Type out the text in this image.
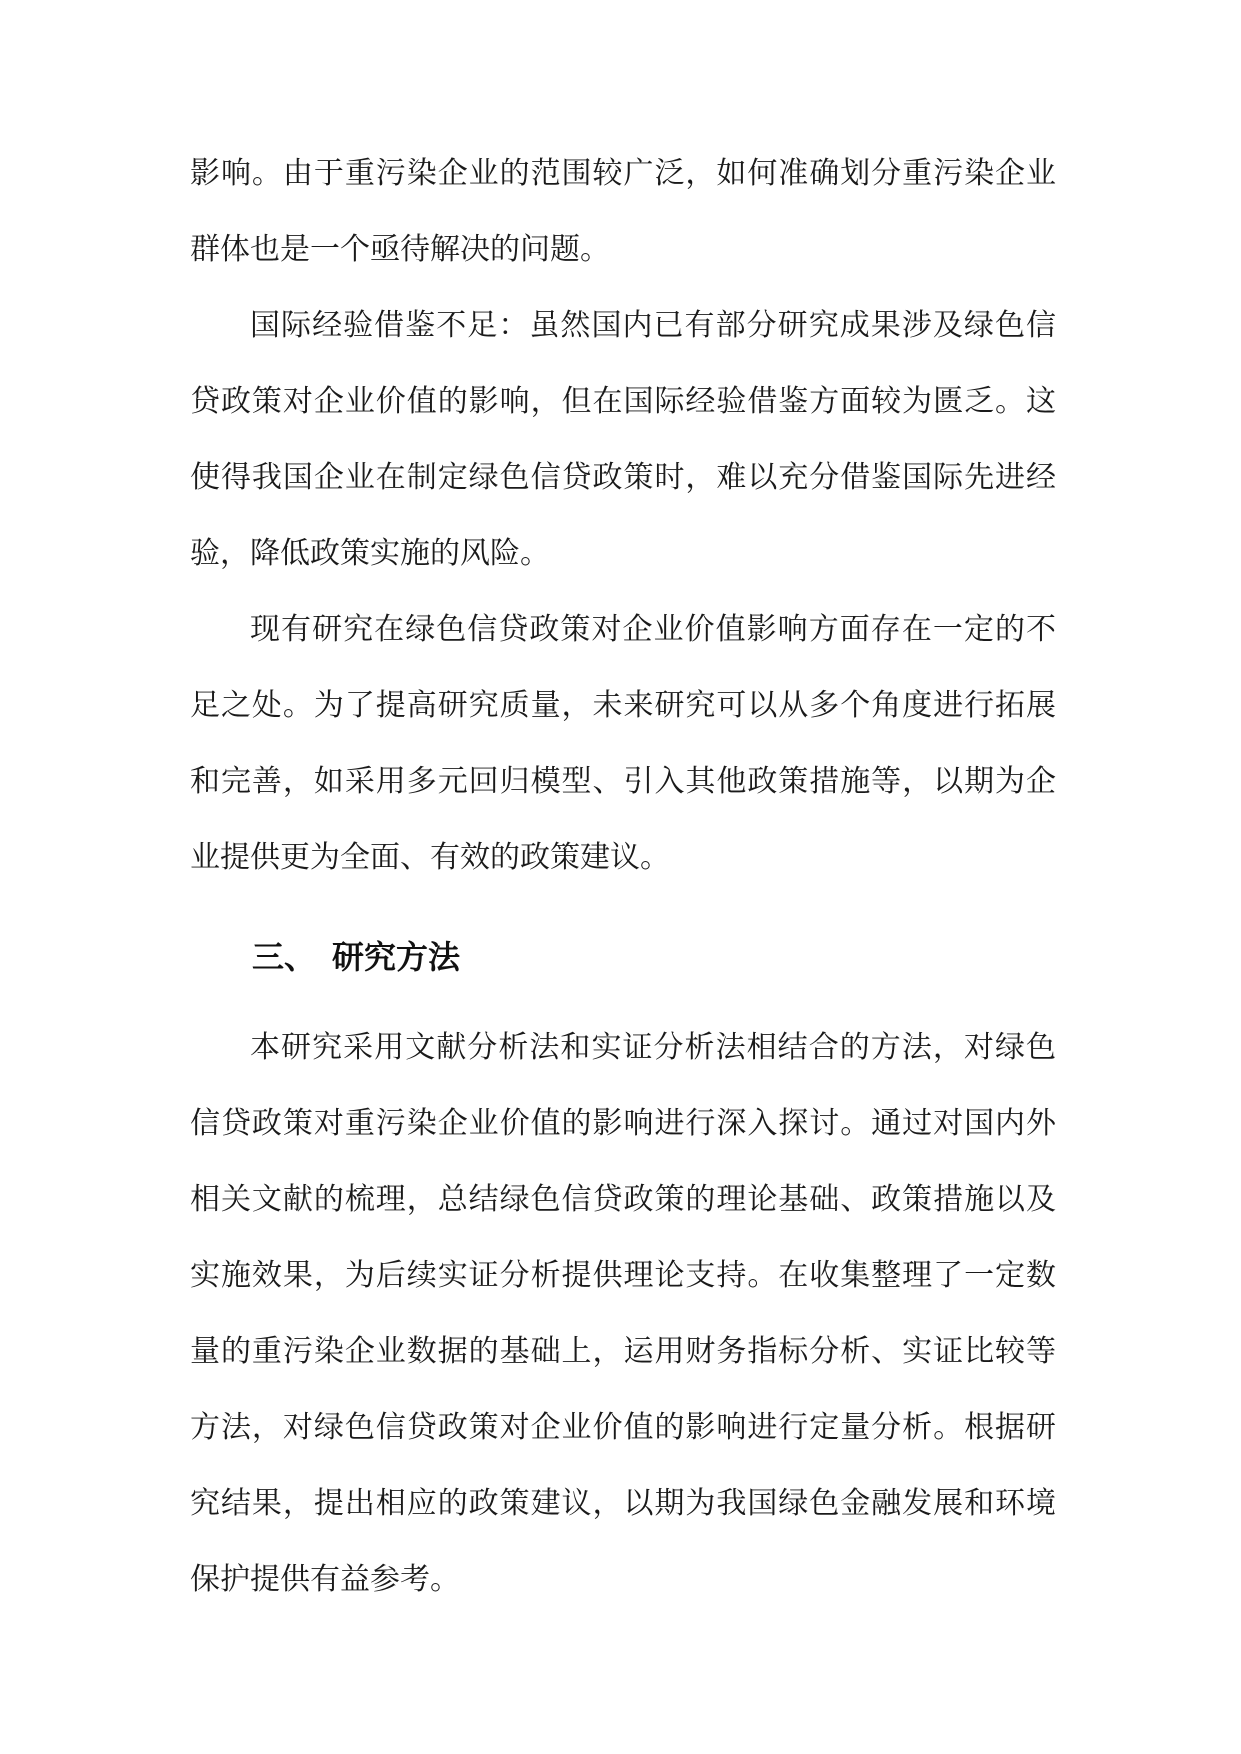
影响。由于重污染企业的范围较广泛，如何准确划分重污染企业群体也是一个亟待解决的问题。

国际经验借鉴不足：虽然国内已有部分研究成果涉及绿色信贷政策对企业价值的影响，但在国际经验借鉴方面较为匮乏。这使得我国企业在制定绿色信贷政策时，难以充分借鉴国际先进经验，降低政策实施的风险。

现有研究在绿色信贷政策对企业价值影响方面存在一定的不足之处。为了提高研究质量，未来研究可以从多个角度进行拓展和完善，如采用多元回归模型、引入其他政策措施等，以期为企业提供更为全面、有效的政策建议。

三、 研究方法

本研究采用文献分析法和实证分析法相结合的方法，对绿色信贷政策对重污染企业价值的影响进行深入探讨。通过对国内外相关文献的梳理，总结绿色信贷政策的理论基础、政策措施以及实施效果，为后续实证分析提供理论支持。在收集整理了一定数量的重污染企业数据的基础上，运用财务指标分析、实证比较等方法，对绿色信贷政策对企业价值的影响进行定量分析。根据研究结果，提出相应的政策建议，以期为我国绿色金融发展和环境保护提供有益参考。
